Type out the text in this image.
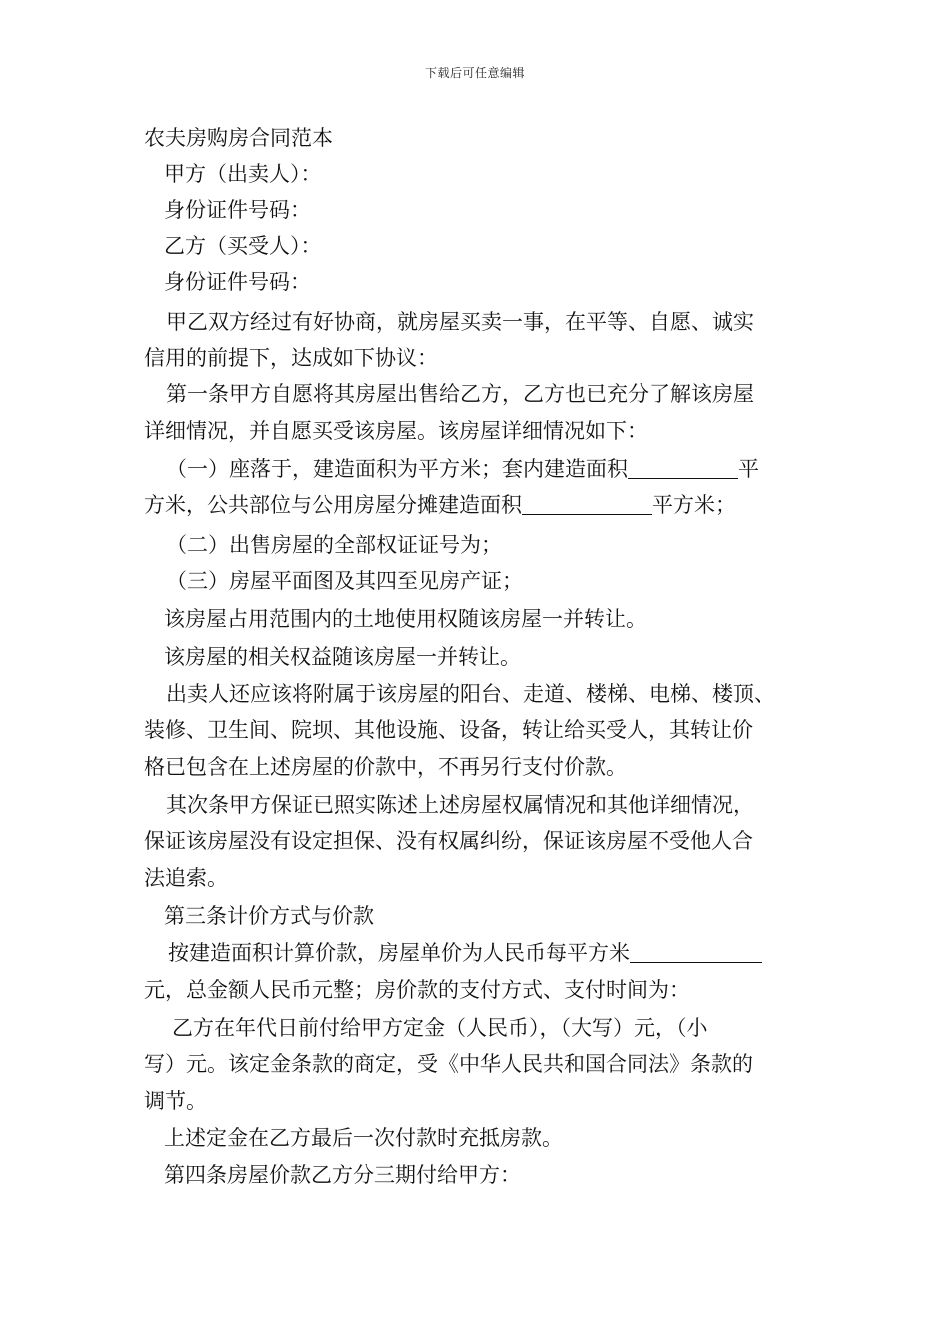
下载后可任意编辑
农夫房购房合同范本
甲方（出卖人）：
身份证件号码：
乙方（买受人）：
身份证件号码：
甲乙双方经过有好协商，就房屋买卖一事，在平等、自愿、诚实
信用的前提下，达成如下协议：
第一条甲方自愿将其房屋出售给乙方，乙方也已充分了解该房屋
详细情况，并自愿买受该房屋。该房屋详细情况如下：
（一）座落于，建造面积为平方米；套内建造面积	平
方米，公共部位与公用房屋分摊建造面积	平方米；
（二）出售房屋的全部权证证号为；
（三）房屋平面图及其四至见房产证；
该房屋占用范围内的土地使用权随该房屋一并转让。
该房屋的相关权益随该房屋一并转让。
出卖人还应该将附属于该房屋的阳台、走道、楼梯、电梯、楼顶、
装修、卫生间、院坝、其他设施、设备，转让给买受人，其转让价
格已包含在上述房屋的价款中，不再另行支付价款。
其次条甲方保证已照实陈述上述房屋权属情况和其他详细情况，
保证该房屋没有设定担保、没有权属纠纷，保证该房屋不受他人合
法追索。
第三条计价方式与价款
按建造面积计算价款，房屋单价为人民币每平方米
元，总金额人民币元整；房价款的支付方式、支付时间为：
乙方在年代日前付给甲方定金（人民币），（大写）元，（小
写）元。该定金条款的商定，受《中华人民共和国合同法》条款的
调节。
上述定金在乙方最后一次付款时充抵房款。
第四条房屋价款乙方分三期付给甲方：
